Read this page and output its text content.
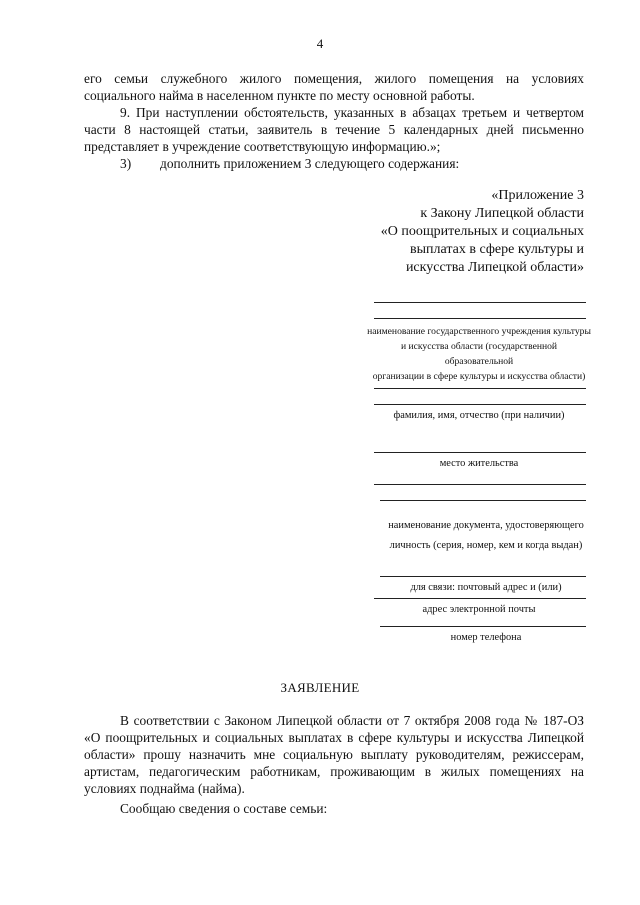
4
его семьи служебного жилого помещения, жилого помещения на условиях
социального найма в населенном пункте по месту основной работы.
9. При наступлении обстоятельств, указанных в абзацах третьем и четвертом части 8 настоящей статьи, заявитель в течение 5 календарных дней письменно представляет в учреждение соответствующую информацию.»;
3) дополнить приложением 3 следующего содержания:
«Приложение 3
к Закону Липецкой области
«О поощрительных и социальных
выплатах в сфере культуры и
искусства Липецкой области»
наименование государственного учреждения культуры
и искусства области (государственной образовательной
организации в сфере культуры и искусства области)
фамилия, имя, отчество (при наличии)
место жительства
наименование документа, удостоверяющего
личность (серия, номер, кем и когда выдан)
для связи: почтовый адрес и (или)
адрес электронной почты
номер телефона
ЗАЯВЛЕНИЕ
В соответствии с Законом Липецкой области от 7 октября 2008 года № 187-ОЗ «О поощрительных и социальных выплатах в сфере культуры и искусства Липецкой области» прошу назначить мне социальную выплату руководителям, режиссерам, артистам, педагогическим работникам, проживающим в жилых помещениях на условиях поднайма (найма).
Сообщаю сведения о составе семьи:
